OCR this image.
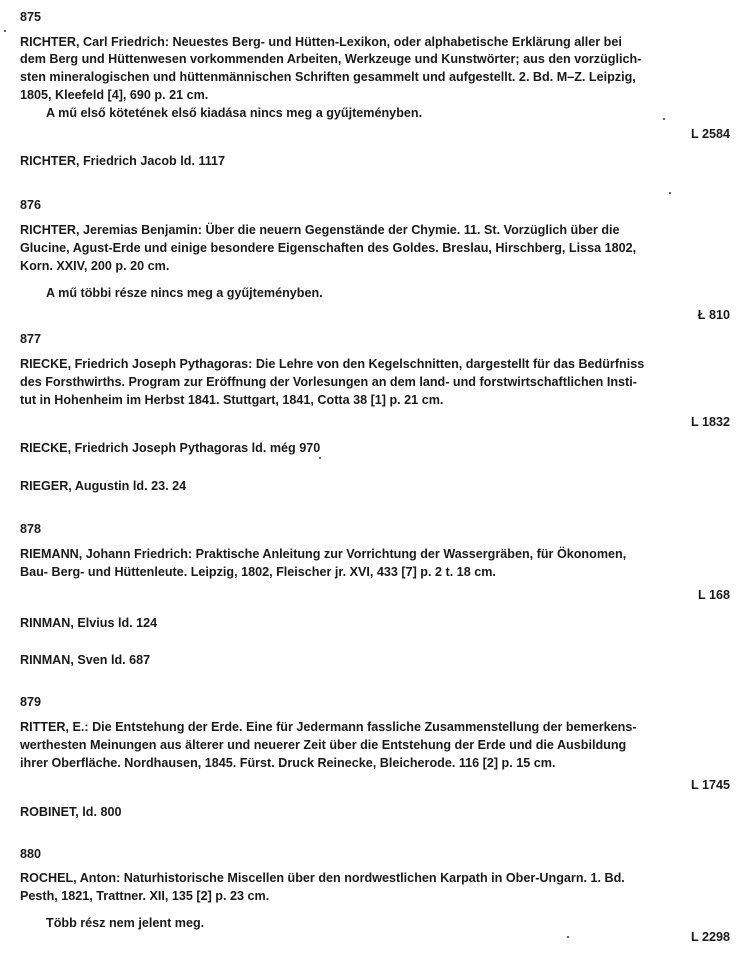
875
RICHTER, Carl Friedrich: Neuestes Berg- und Hütten-Lexikon, oder alphabetische Erklärung aller bei
dem Berg und Hüttenwesen vorkommenden Arbeiten, Werkzeuge und Kunstwörter; aus den vorzüglich-
sten mineralogischen und hüttenmännischen Schriften gesammelt und aufgestellt. 2. Bd. M–Z. Leipzig,
1805, Kleefeld [4], 690 p. 21 cm.
A mű első kötetének első kiadása nincs meg a gyűjteményben.
L 2584
RICHTER, Friedrich Jacob ld. 1117
876
RICHTER, Jeremias Benjamin: Über die neuern Gegenstände der Chymie. 11. St. Vorzüglich über die
Glucine, Agust-Erde und einige besondere Eigenschaften des Goldes. Breslau, Hirschberg, Lissa 1802,
Korn. XXIV, 200 p. 20 cm.
A mű többi része nincs meg a gyűjteményben.
Ł 810
877
RIECKE, Friedrich Joseph Pythagoras: Die Lehre von den Kegelschnitten, dargestellt für das Bedürfniss
des Forsthwirths. Program zur Eröffnung der Vorlesungen an dem land- und forstwirtschaftlichen Insti-
tut in Hohenheim im Herbst 1841. Stuttgart, 1841, Cotta 38 [1] p. 21 cm.
L 1832
RIECKE, Friedrich Joseph Pythagoras ld. még 970
RIEGER, Augustin ld. 23. 24
878
RIEMANN, Johann Friedrich: Praktische Anleitung zur Vorrichtung der Wassergräben, für Ökonomen,
Bau- Berg- und Hüttenleute. Leipzig, 1802, Fleischer jr. XVI, 433 [7] p. 2 t. 18 cm.
L 168
RINMAN, Elvius ld. 124
RINMAN, Sven ld. 687
879
RITTER, E.: Die Entstehung der Erde. Eine für Jedermann fassliche Zusammenstellung der bemerkens-
werthesten Meinungen aus älterer und neuerer Zeit über die Entstehung der Erde und die Ausbildung
ihrer Oberfläche. Nordhausen, 1845. Fürst. Druck Reinecke, Bleicherode. 116 [2] p. 15 cm.
L 1745
ROBINET, ld. 800
880
ROCHEL, Anton: Naturhistorische Miscellen über den nordwestlichen Karpath in Ober-Ungarn. 1. Bd.
Pesth, 1821, Trattner. XII, 135 [2] p. 23 cm.
Több rész nem jelent meg.
L 2298
